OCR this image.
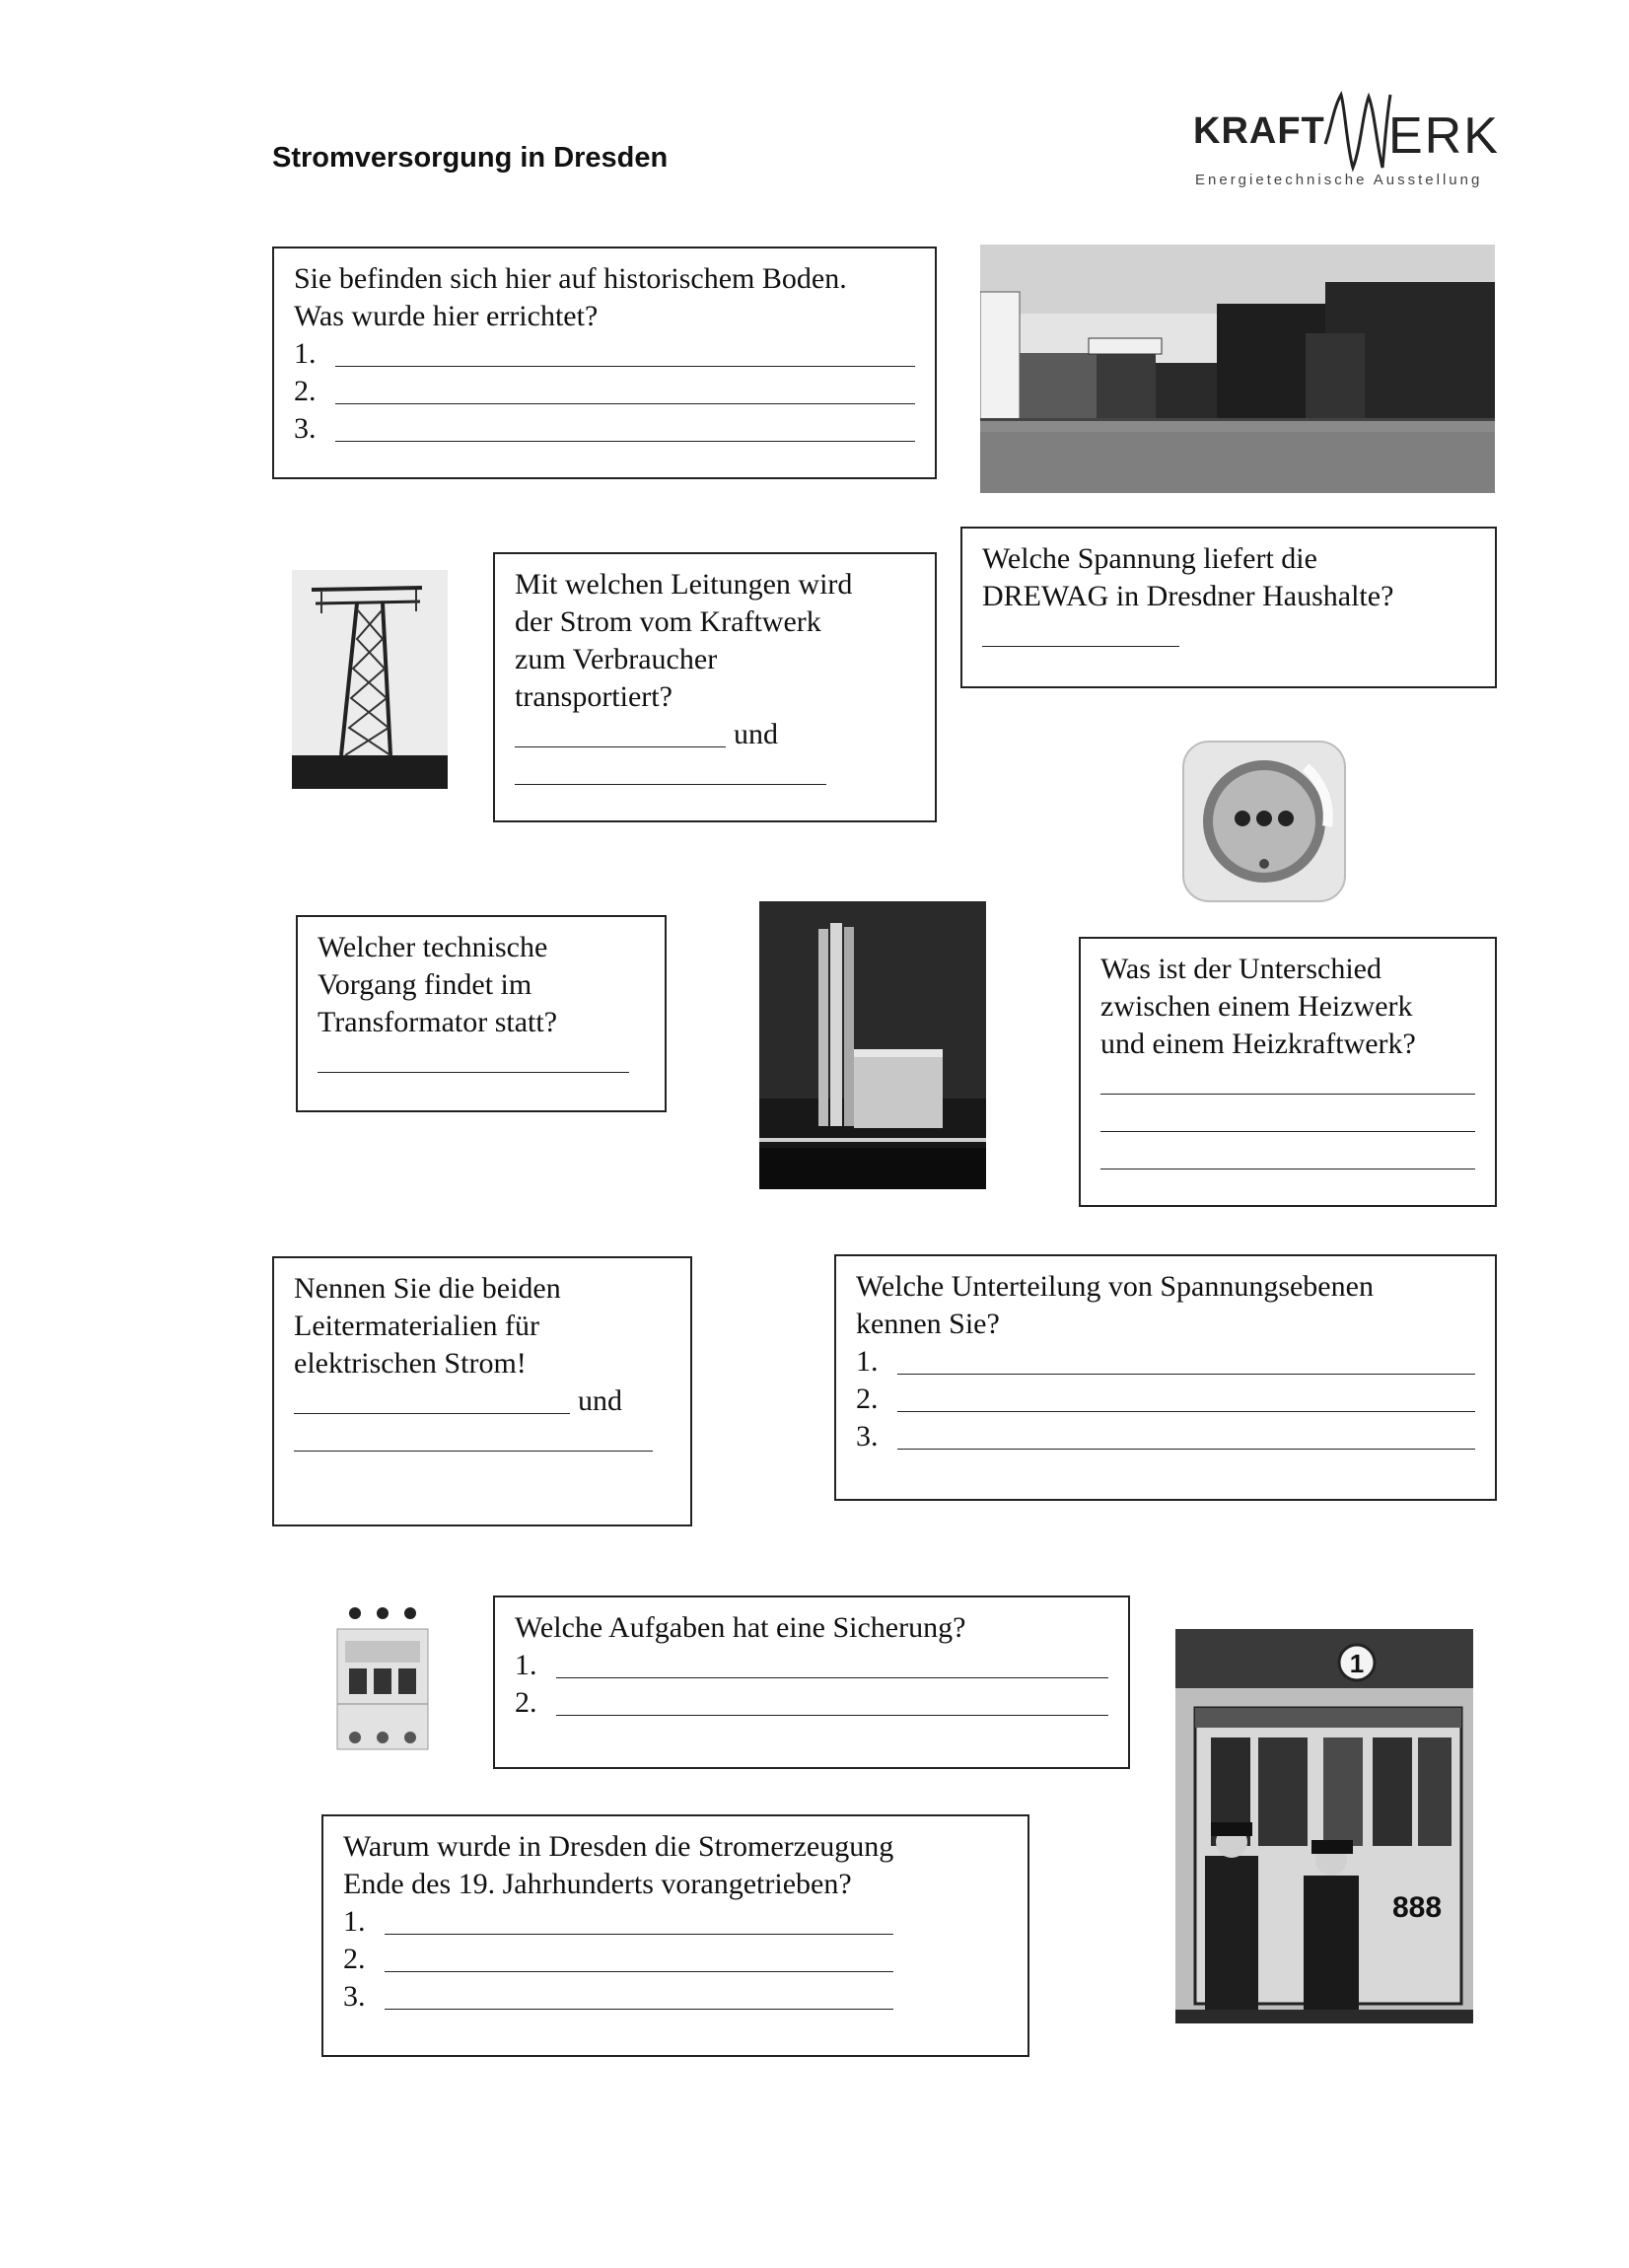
Stromversorgung in Dresden
KRAFT ERK
Energietechnische Ausstellung
Sie befinden sich hier auf historischem Boden.
Was wurde hier errichtet?
1.
2.
3.
Mit welchen Leitungen wird
der Strom vom Kraftwerk
zum Verbraucher
transportiert?
und
Welche Spannung liefert die
DREWAG in Dresdner Haushalte?
Welcher technische
Vorgang findet im
Transformator statt?
Was ist der Unterschied
zwischen einem Heizwerk
und einem Heizkraftwerk?
Nennen Sie die beiden
Leitermaterialien für
elektrischen Strom!
und
Welche Unterteilung von Spannungsebenen
kennen Sie?
1.
2.
3.
Welche Aufgaben hat eine Sicherung?
1.
2.
1
888
Warum wurde in Dresden die Stromerzeugung
Ende des 19. Jahrhunderts vorangetrieben?
1.
2.
3.
